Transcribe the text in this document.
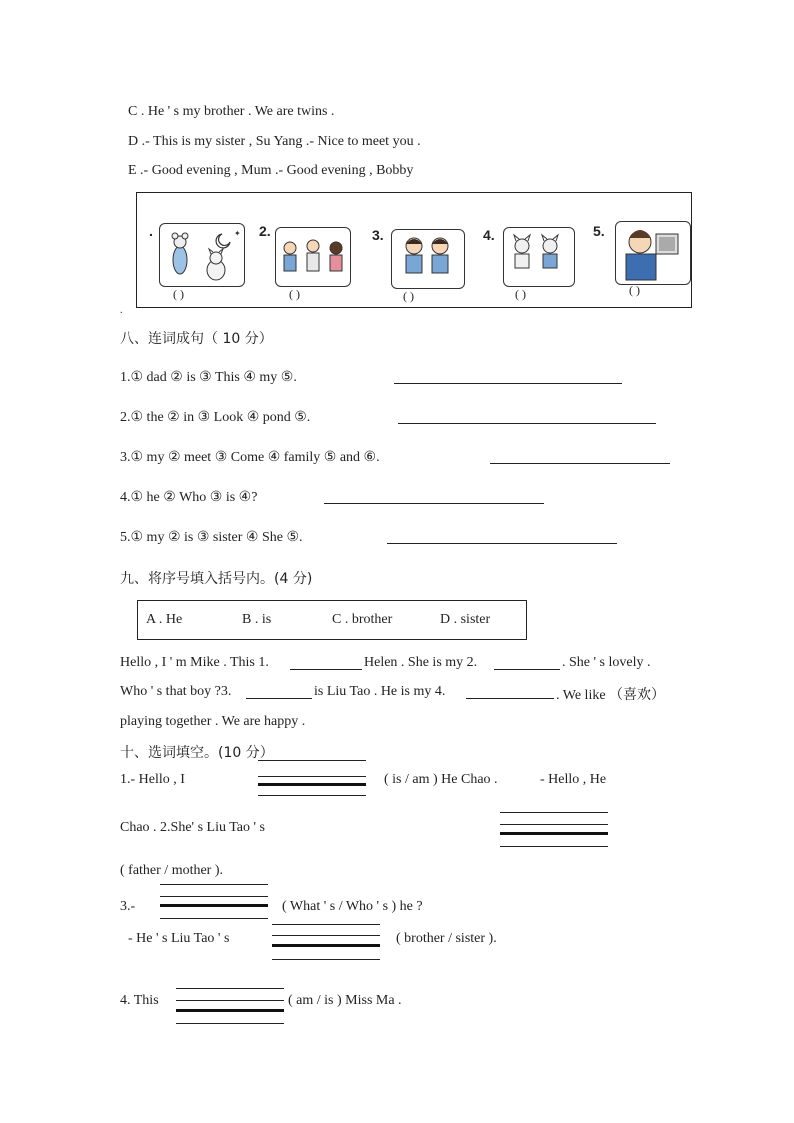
C . He ' s my brother . We are twins .
D .- This is my sister , Su Yang .- Nice to meet you .
E .- Good evening , Mum .- Good evening , Bobby
.	✦
( )
2.
( )
3.
( )
4.
( )
5.
( )
.
八、连词成句（ 10 分）
1.① dad ② is ③ This ④ my ⑤.
2.① the ② in ③ Look ④ pond ⑤.
3.① my ② meet ③ Come ④ family ⑤ and ⑥.
4.① he ② Who ③ is ④?
5.① my ② is ③ sister ④ She ⑤.
九、将序号填入括号内。(4 分)
A . He	B . is	C . brother	D . sister
Hello , I ' m Mike . This 1.	Helen . She is my 2.	. She ' s lovely .
Who ' s that boy ?3.	is Liu Tao . He is my 4.	. We like （喜欢）
playing together . We are happy .
十、选词填空。(10 分）
1.- Hello , I	( is / am ) He Chao .	- Hello , He
Chao . 2.She' s Liu Tao ' s
( father / mother ).
3.-	( What ' s / Who ' s ) he ?
- He ' s Liu Tao ' s	( brother / sister ).
4. This	( am / is ) Miss Ma .
